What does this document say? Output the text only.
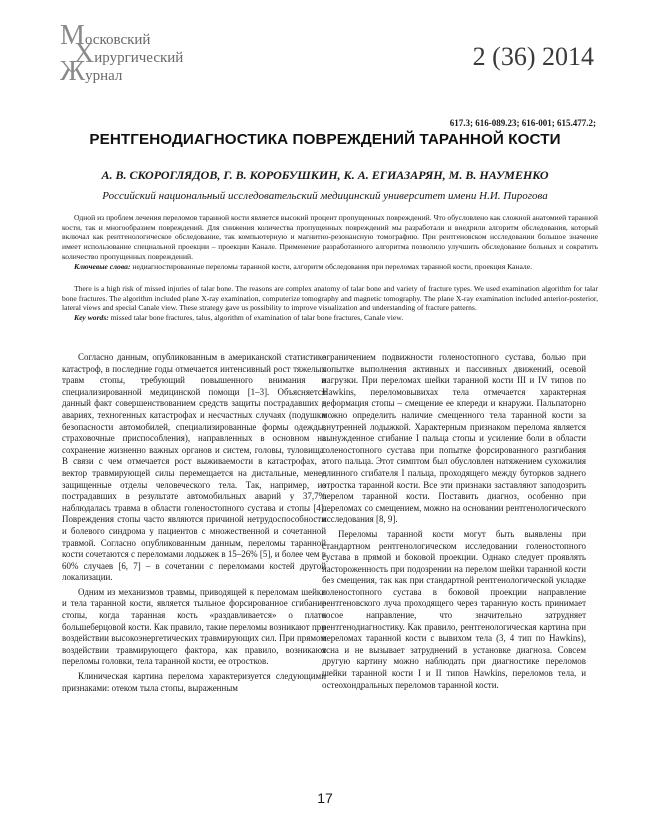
Московский
Хирургический
Журнал
2 (36) 2014
617.3; 616-089.23; 616-001; 615.477.2;
РЕНТГЕНОДИАГНОСТИКА ПОВРЕЖДЕНИЙ ТАРАННОЙ КОСТИ
А. В. СКОРОГЛЯДОВ, Г. В. КОРОБУШКИН, К. А. ЕГИАЗАРЯН, М. В. НАУМЕНКО
Российский национальный исследовательский медицинский университет имени Н.И. Пирогова

Одной из проблем лечения переломов таранной кости является высокий процент пропущенных повреждений. Что обусловлено как сложной анатомией таранной кости, так и многообразием повреждений. Для снижения количества пропущенных повреждений мы разработали и внедрили алгоритм обследования, который включал как рентгенологическое обследование, так компьютерную и магнитно-резонансную томографию. При рентгеновском исследовании большое значение имеет использование специальной проекции – проекции Канале. Применение разработанного алгоритма позволило улучшить обследование больных и сократить количество пропущенных повреждений.

Ключевые слова: недиагностированные переломы таранной кости, алгоритм обследования при переломах таранной кости, проекция Канале.

There is a high risk of missed injuries of talar bone. The reasons are complex anatomy of talar bone and variety of fracture types. We used examination algorithm for talar bone fractures. The algorithm included plane X-ray examination, computerize tomography and magnetic tomography. The plane X-ray examination included anterior-posterior, lateral views and special Canale view. These strategy gave us possibility to improve visualization and understanding of fracture patterns.

Key words: missed talar bone fractures, talus, algorithm of examination of talar bone fractures, Canale view.

Согласно данным, опубликованным в американской статистике катастроф, в последние годы отмечается интенсивный рост тяжелых травм стопы, требующий повышенного внимания и специализированной медицинской помощи [1–3]. Объясняется данный факт совершенствованием средств защиты пострадавших в авариях, техногенных катастрофах и несчастных случаях (подушки безопасности автомобилей, специализированные формы одежды, страховочные приспособления), направленных в основном на сохранение жизненно важных органов и систем, головы, туловища. В связи с чем отмечается рост выживаемости в катастрофах, а вектор травмирующей силы перемещается на дистальные, менее защищенные отделы человеческого тела. Так, например, из пострадавших в результате автомобильных аварий у 37,7% наблюдалась травма в области голеностопного сустава и стопы [4]. Повреждения стопы часто являются причиной нетрудоспособности и болевого синдрома у пациентов с множественной и сочетанной травмой. Согласно опубликованным данным, переломы таранной кости сочетаются с переломами лодыжек в 15–26% [5], и более чем в 60% случаев [6, 7] – в сочетании с переломами костей другой локализации.

Одним из механизмов травмы, приводящей к переломам шейки и тела таранной кости, является тыльное форсированное сгибание стопы, когда таранная кость «раздавливается» о плато большеберцовой кости. Как правило, такие переломы возникают при воздействии высокоэнергетических травмирующих сил. При прямом воздействии травмирующего фактора, как правило, возникают переломы головки, тела таранной кости, ее отростков.

Клиническая картина перелома характеризуется следующими признаками: отеком тыла стопы, выраженным

ограничением подвижности голеностопного сустава, болью при попытке выполнения активных и пассивных движений, осевой нагрузки. При переломах шейки таранной кости III и IV типов по Hawkins, переломовывихах тела отмечается характерная деформация стопы – смещение ее кпереди и кнаружи. Пальпаторно можно определить наличие смещенного тела таранной кости за внутренней лодыжкой. Характерным признаком перелома является вынужденное сгибание I пальца стопы и усиление боли в области голеностопного сустава при попытке форсированного разгибания этого пальца. Этот симптом был обусловлен натяжением сухожилия длинного сгибателя I пальца, проходящего между буторков заднего отростка таранной кости. Все эти признаки заставляют заподозрить перелом таранной кости. Поставить диагноз, особенно при переломах со смещением, можно на основании рентгенологического исследования [8, 9].

Переломы таранной кости могут быть выявлены при стандартном рентгенологическом исследовании голеностопного сустава в прямой и боковой проекции. Однако следует проявлять настороженность при подозрении на перелом шейки таранной кости без смещения, так как при стандартной рентгенологической укладке голеностопного сустава в боковой проекции направление рентгеновского луча проходящего через таранную кость принимает косое направление, что значительно затрудняет рентгенодиагностику. Как правило, рентгенологическая картина при переломах таранной кости с вывихом тела (3, 4 тип по Hawkins), ясна и не вызывает затруднений в установке диагноза. Совсем другую картину можно наблюдать при диагностике переломов шейки таранной кости I и II типов Hawkins, переломов тела, и остеохондральных переломов таранной кости.

17
